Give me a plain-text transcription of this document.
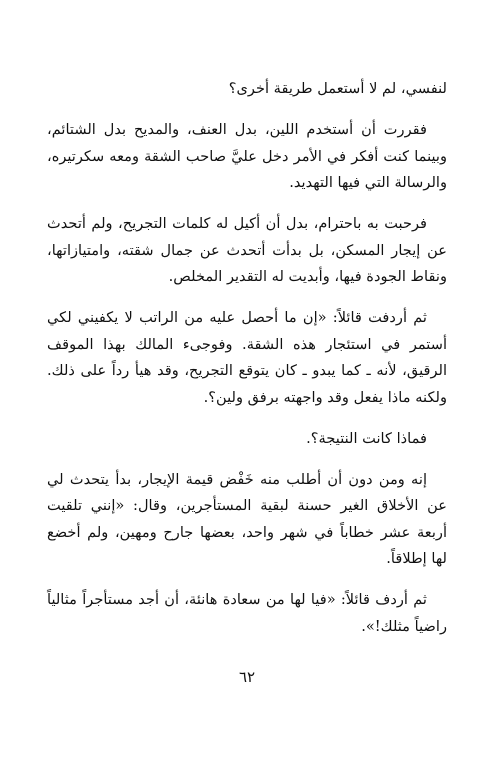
لنفسي، لم لا أستعمل طريقة أخرى؟

فقررت أن أستخدم اللين، بدل العنف، والمديح بدل الشتائم، وبينما كنت أفكر في الأمر دخل عليَّ صاحب الشقة ومعه سكرتيره، والرسالة التي فيها التهديد.

فرحبت به باحترام، بدل أن أكيل له كلمات التجريح، ولم أتحدث عن إيجار المسكن، بل بدأت أتحدث عن جمال شقته، وامتيازاتها، ونقاط الجودة فيها، وأبديت له التقدير المخلص.

ثم أردفت قائلاً: «إن ما أحصل عليه من الراتب لا يكفيني لكي أستمر في استئجار هذه الشقة. وفوجىء المالك بهذا الموقف الرقيق، لأنه ـ كما يبدو ـ كان يتوقع التجريح، وقد هيأ رداً على ذلك. ولكنه ماذا يفعل وقد واجهته برفق ولين؟.

فماذا كانت النتيجة؟.

إنه ومن دون أن أطلب منه خَفْض قيمة الإيجار، بدأ يتحدث لي عن الأخلاق الغير حسنة لبقية المستأجرين، وقال: «إنني تلقيت أربعة عشر خطاباً في شهر واحد، بعضها جارح ومهين، ولم أخضع لها إطلاقاً.

ثم أردف قائلاً: «فيا لها من سعادة هانئة، أن أجد مستأجراً مثالياً راضياً مثلك!».

٦٢
